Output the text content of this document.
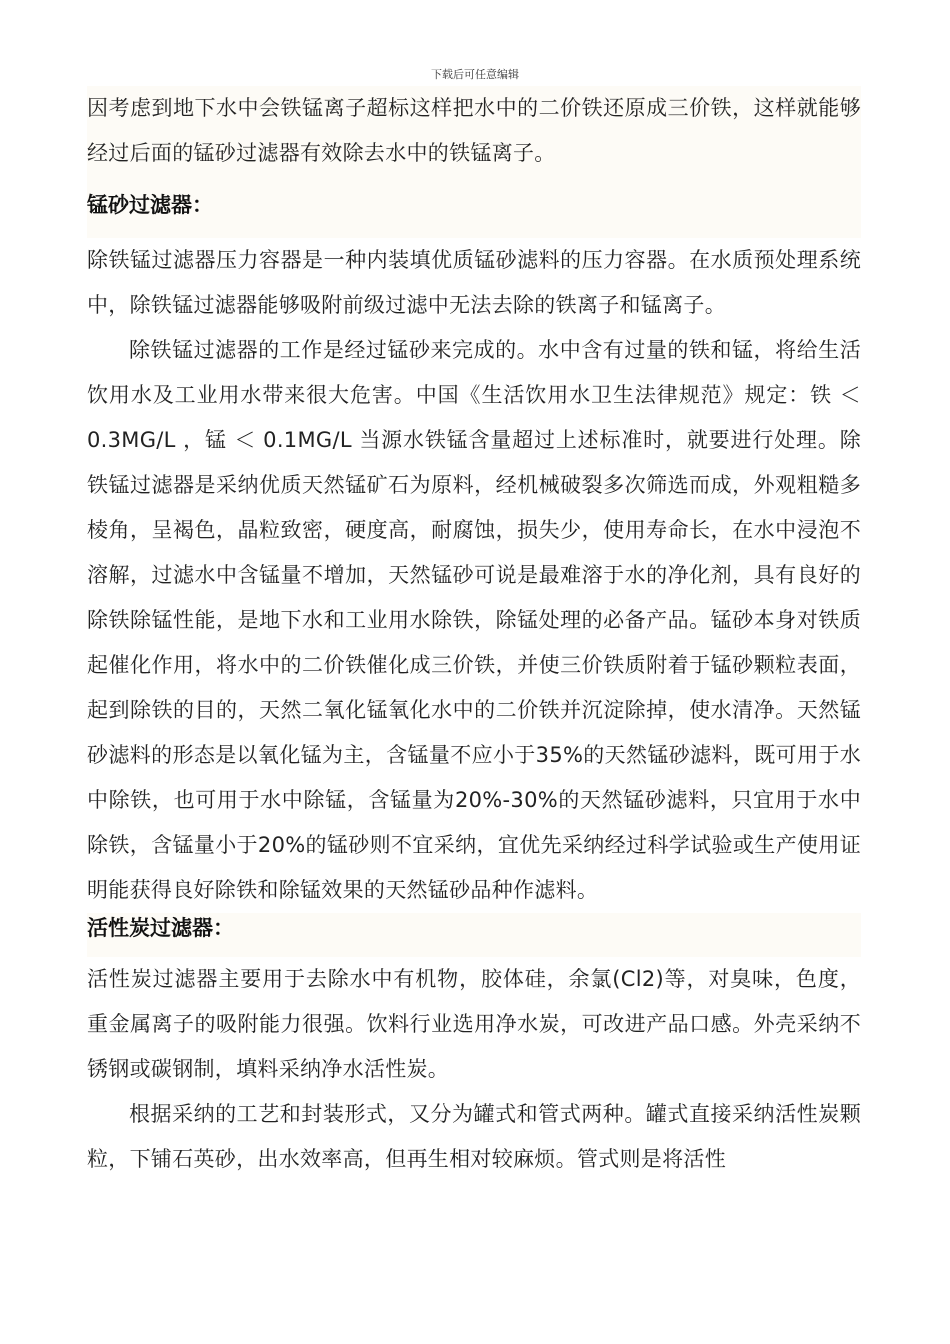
下载后可任意编辑

因考虑到地下水中会铁锰离子超标这样把水中的二价铁还原成三价铁，这样就能够经过后面的锰砂过滤器有效除去水中的铁锰离子。

锰砂过滤器：

除铁锰过滤器压力容器是一种内装填优质锰砂滤料的压力容器。在水质预处理系统中，除铁锰过滤器能够吸附前级过滤中无法去除的铁离子和锰离子。

除铁锰过滤器的工作是经过锰砂来完成的。水中含有过量的铁和锰，将给生活饮用水及工业用水带来很大危害。中国《生活饮用水卫生法律规范》规定：铁 ＜ 0.3MG/L ，锰 ＜ 0.1MG/L 当源水铁锰含量超过上述标准时，就要进行处理。除铁锰过滤器是采纳优质天然锰矿石为原料，经机械破裂多次筛选而成，外观粗糙多棱角，呈褐色，晶粒致密，硬度高，耐腐蚀，损失少，使用寿命长，在水中浸泡不溶解，过滤水中含锰量不增加，天然锰砂可说是最难溶于水的净化剂，具有良好的除铁除锰性能，是地下水和工业用水除铁，除锰处理的必备产品。锰砂本身对铁质起催化作用，将水中的二价铁催化成三价铁，并使三价铁质附着于锰砂颗粒表面，起到除铁的目的，天然二氧化锰氧化水中的二价铁并沉淀除掉，使水清净。天然锰砂滤料的形态是以氧化锰为主，含锰量不应小于35%的天然锰砂滤料，既可用于水中除铁，也可用于水中除锰，含锰量为20%-30%的天然锰砂滤料，只宜用于水中除铁，含锰量小于20%的锰砂则不宜采纳，宜优先采纳经过科学试验或生产使用证明能获得良好除铁和除锰效果的天然锰砂品种作滤料。

活性炭过滤器：

活性炭过滤器主要用于去除水中有机物，胶体硅，余氯(Cl2)等，对臭味，色度，重金属离子的吸附能力很强。饮料行业选用净水炭，可改进产品口感。外壳采纳不锈钢或碳钢制，填料采纳净水活性炭。

根据采纳的工艺和封装形式，又分为罐式和管式两种。罐式直接采纳活性炭颗粒，下铺石英砂，出水效率高，但再生相对较麻烦。管式则是将活性
